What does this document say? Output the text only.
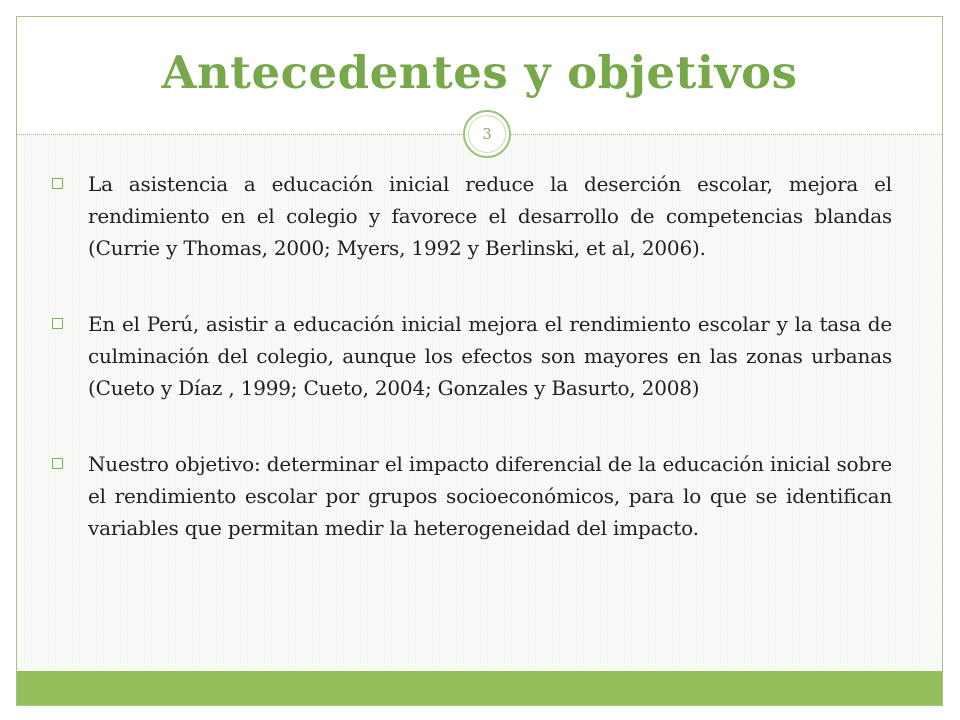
Antecedentes y objetivos
3
La asistencia a educación inicial reduce la deserción escolar, mejora el rendimiento en el colegio y favorece el desarrollo de competencias blandas (Currie y Thomas, 2000; Myers, 1992 y Berlinski, et al, 2006).
En el Perú, asistir a educación inicial mejora el rendimiento escolar y la tasa de culminación del colegio, aunque los efectos son mayores en las zonas urbanas (Cueto y Díaz , 1999; Cueto, 2004; Gonzales y Basurto, 2008)
Nuestro objetivo: determinar el impacto diferencial de la educación inicial sobre el rendimiento escolar por grupos socioeconómicos, para lo que se identifican variables que permitan medir la heterogeneidad del impacto.
